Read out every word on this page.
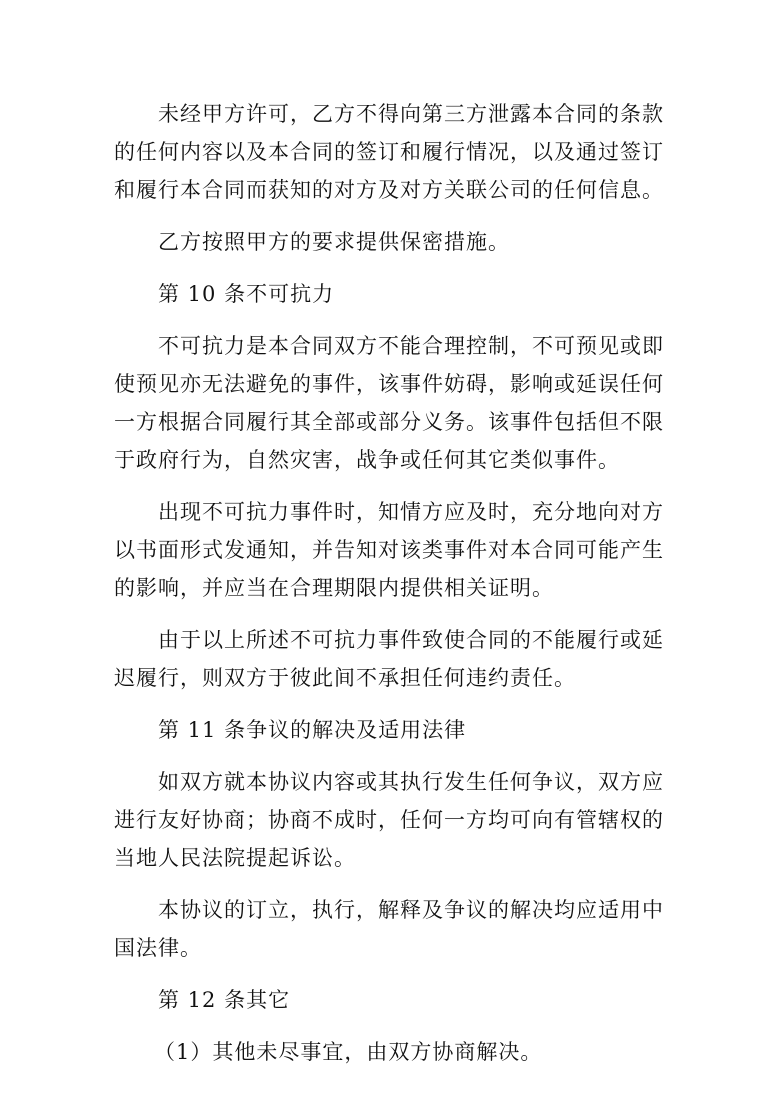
未经甲方许可，乙方不得向第三方泄露本合同的条款的任何内容以及本合同的签订和履行情况，以及通过签订和履行本合同而获知的对方及对方关联公司的任何信息。

乙方按照甲方的要求提供保密措施。

第 10 条不可抗力

不可抗力是本合同双方不能合理控制，不可预见或即使预见亦无法避免的事件，该事件妨碍，影响或延误任何一方根据合同履行其全部或部分义务。该事件包括但不限于政府行为，自然灾害，战争或任何其它类似事件。

出现不可抗力事件时，知情方应及时，充分地向对方以书面形式发通知，并告知对该类事件对本合同可能产生的影响，并应当在合理期限内提供相关证明。

由于以上所述不可抗力事件致使合同的不能履行或延迟履行，则双方于彼此间不承担任何违约责任。

第 11 条争议的解决及适用法律

如双方就本协议内容或其执行发生任何争议，双方应进行友好协商；协商不成时，任何一方均可向有管辖权的当地人民法院提起诉讼。

本协议的订立，执行，解释及争议的解决均应适用中国法律。

第 12 条其它

（1）其他未尽事宜，由双方协商解决。
